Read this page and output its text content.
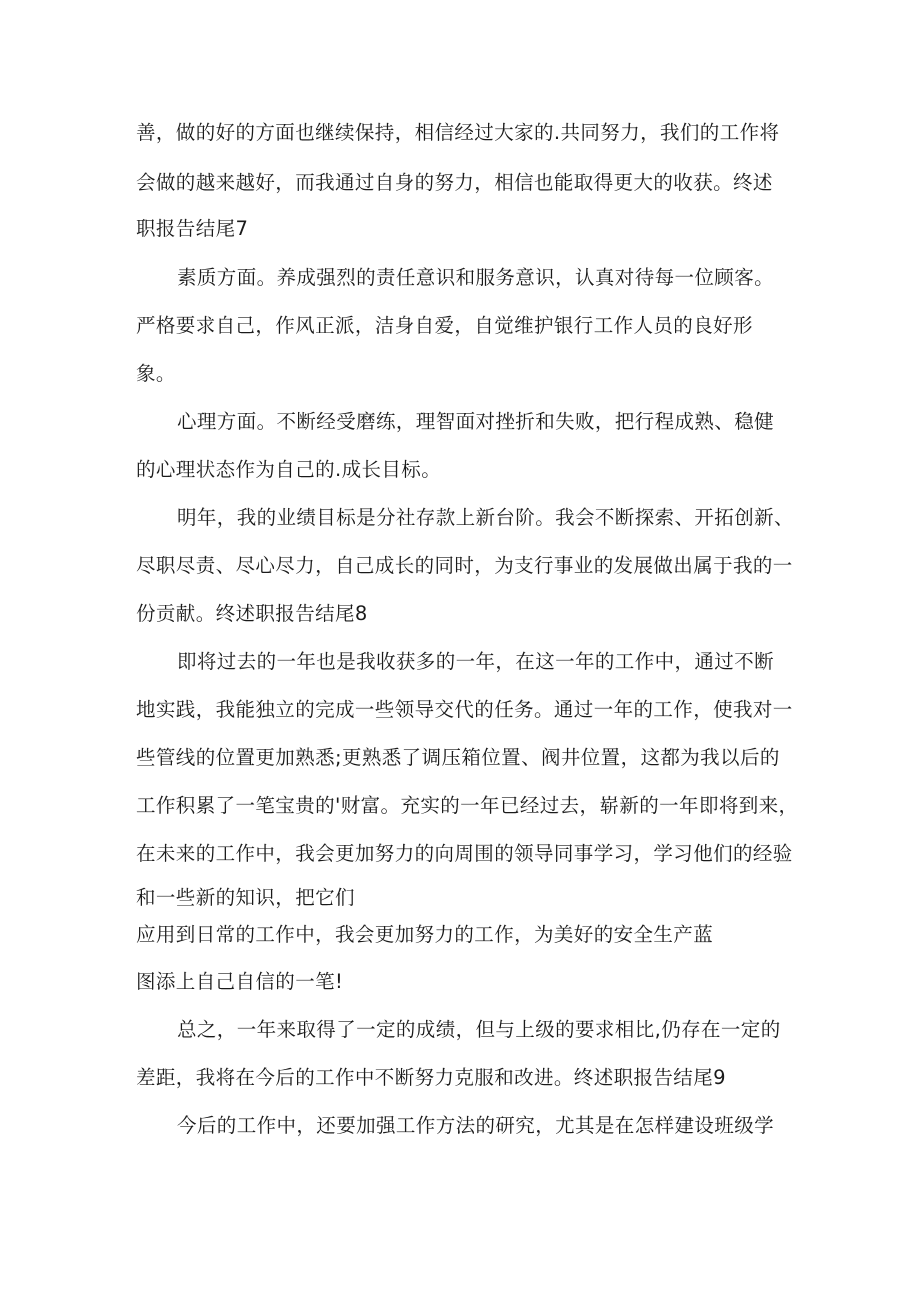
善，做的好的方面也继续保持，相信经过大家的.共同努力，我们的工作将
会做的越来越好，而我通过自身的努力，相信也能取得更大的收获。终述
职报告结尾7
素质方面。养成强烈的责任意识和服务意识，认真对待每一位顾客。
严格要求自己，作风正派，洁身自爱，自觉维护银行工作人员的良好形
象。
心理方面。不断经受磨练，理智面对挫折和失败，把行程成熟、稳健
的心理状态作为自己的.成长目标。
明年，我的业绩目标是分社存款上新台阶。我会不断探索、开拓创新、
尽职尽责、尽心尽力，自己成长的同时，为支行事业的发展做出属于我的一
份贡献。终述职报告结尾8
即将过去的一年也是我收获多的一年，在这一年的工作中，通过不断
地实践，我能独立的完成一些领导交代的任务。通过一年的工作，使我对一
些管线的位置更加熟悉;更熟悉了调压箱位置、阀井位置，这都为我以后的
工作积累了一笔宝贵的'财富。充实的一年已经过去，崭新的一年即将到来，
在未来的工作中，我会更加努力的向周围的领导同事学习，学习他们的经验
和一些新的知识，把它们
应用到日常的工作中，我会更加努力的工作，为美好的安全生产蓝
图添上自己自信的一笔!
总之，一年来取得了一定的成绩，但与上级的要求相比,仍存在一定的
差距，我将在今后的工作中不断努力克服和改进。终述职报告结尾9
今后的工作中，还要加强工作方法的研究，尤其是在怎样建设班级学
